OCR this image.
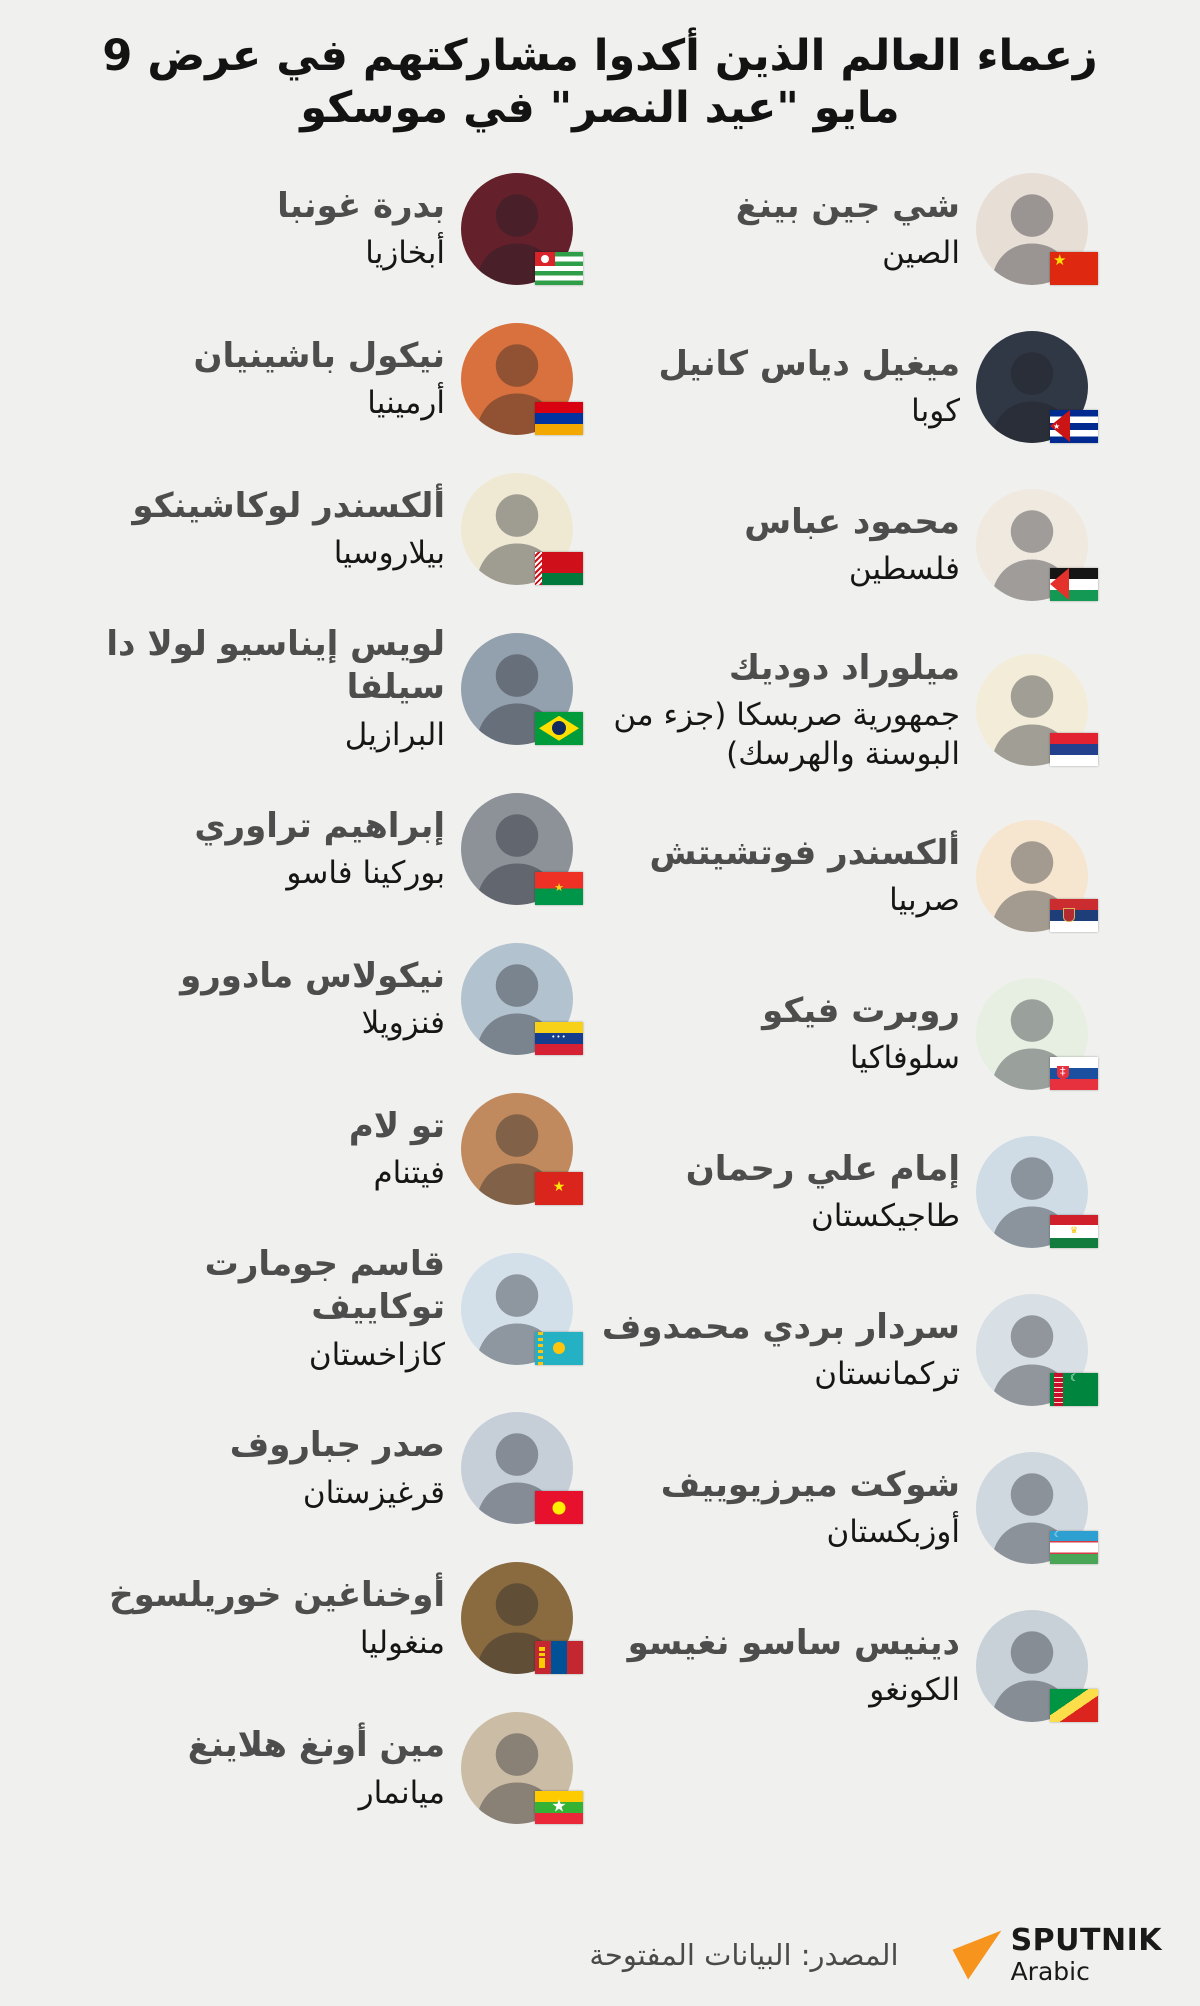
زعماء العالم الذين أكدوا مشاركتهم في عرض 9 مايو "عيد النصر" في موسكو
★
شي جين بينغ
الصين
★
ميغيل دياس كانيل
كوبا
محمود عباس
فلسطين
ميلوراد دوديك
جمهورية صربسكا (جزء من البوسنة والهرسك)
ألكسندر فوتشيتش
صربيا
‡
روبرت فيكو
سلوفاكيا
♛
إمام علي رحمان
طاجيكستان
☾
سردار بردي محمدوف
تركمانستان
☾
شوكت ميرزيوييف
أوزبكستان
دينيس ساسو نغيسو
الكونغو
بدرة غونبا
أبخازيا
نيكول باشينيان
أرمينيا
ألكسندر لوكاشينكو
بيلاروسيا
لويس إيناسيو لولا دا سيلفا
البرازيل
★
إبراهيم تراوري
بوركينا فاسو
•••
نيكولاس مادورو
فنزويلا
★
تو لام
فيتنام
قاسم جومارت توكاييف
كازاخستان
صدر جباروف
قرغيزستان
أوخناغين خوريلسوخ
منغوليا
★
مين أونغ هلاينغ
ميانمار
SPUTNIK
Arabic
المصدر: البيانات المفتوحة
